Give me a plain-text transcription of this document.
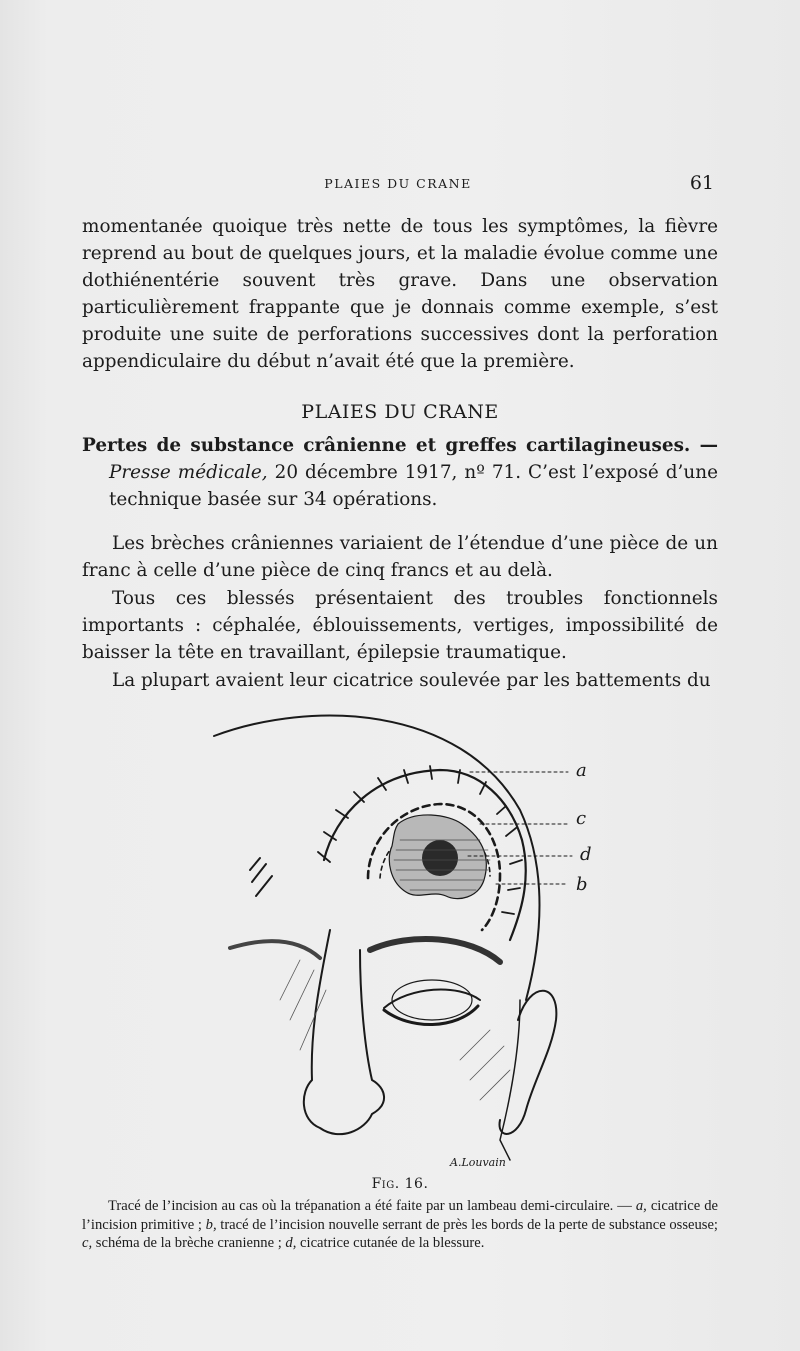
PLAIES DU CRANE	61
momentanée quoique très nette de tous les symptômes, la fièvre reprend au bout de quelques jours, et la maladie évolue comme une dothiénentérie souvent très grave. Dans une observation particulièrement frappante que je donnais comme exemple, s’est produite une suite de perforations successives dont la perforation appendiculaire du début n’avait été que la première.
PLAIES DU CRANE
Pertes de substance crânienne et greffes cartilagineuses. — Presse médicale, 20 décembre 1917, nº 71. C’est l’exposé d’une technique basée sur 34 opérations.
Les brèches crâniennes variaient de l’étendue d’une pièce de un franc à celle d’une pièce de cinq francs et au delà.
Tous ces blessés présentaient des troubles fonctionnels importants : céphalée, éblouissements, vertiges, impossibilité de baisser la tête en travaillant, épilepsie traumatique.
La plupart avaient leur cicatrice soulevée par les battements du
a
c
d
b
A.Louvain
Fig. 16.
Tracé de l’incision au cas où la trépanation a été faite par un lambeau demi-circulaire. — a, cicatrice de l’incision primitive ; b, tracé de l’incision nouvelle serrant de près les bords de la perte de substance osseuse; c, schéma de la brèche cranienne ; d, cicatrice cutanée de la blessure.
